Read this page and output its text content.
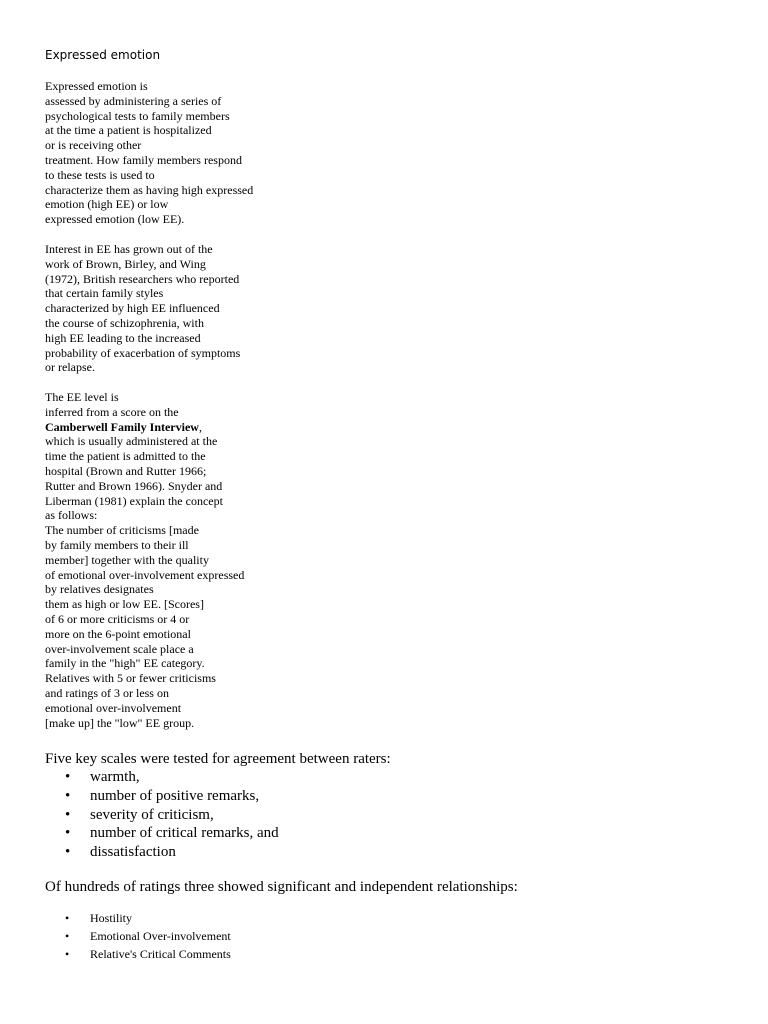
Expressed emotion
Expressed emotion is
assessed by administering a series of
psychological tests to family members
at the time a patient is hospitalized
or is receiving other
treatment. How family members respond
to these tests is used to
characterize them as having high expressed
emotion (high EE) or low
expressed emotion (low EE).
Interest in EE has grown out of the
work of Brown, Birley, and Wing
(1972), British researchers who reported
that certain family styles
characterized by high EE influenced
the course of schizophrenia, with
high EE leading to the increased
probability of exacerbation of symptoms
or relapse.
The EE level is
inferred from a score on the
Camberwell Family Interview,
which is usually administered at the
time the patient is admitted to the
hospital (Brown and Rutter 1966;
Rutter and Brown 1966). Snyder and
Liberman (1981) explain the concept
as follows:
The number of criticisms [made
by family members to their ill
member] together with the quality
of emotional over-involvement expressed
by relatives designates
them as high or low EE. [Scores]
of 6 or more criticisms or 4 or
more on the 6-point emotional
over-involvement scale place a
family in the "high" EE category.
Relatives with 5 or fewer criticisms
and ratings of 3 or less on
emotional over-involvement
[make up] the "low" EE group.
Five key scales were tested for agreement between raters:
• warmth,
• number of positive remarks,
• severity of criticism,
• number of critical remarks, and
• dissatisfaction
Of hundreds of ratings three showed significant and independent relationships:
• Hostility
• Emotional Over-involvement
• Relative's Critical Comments
